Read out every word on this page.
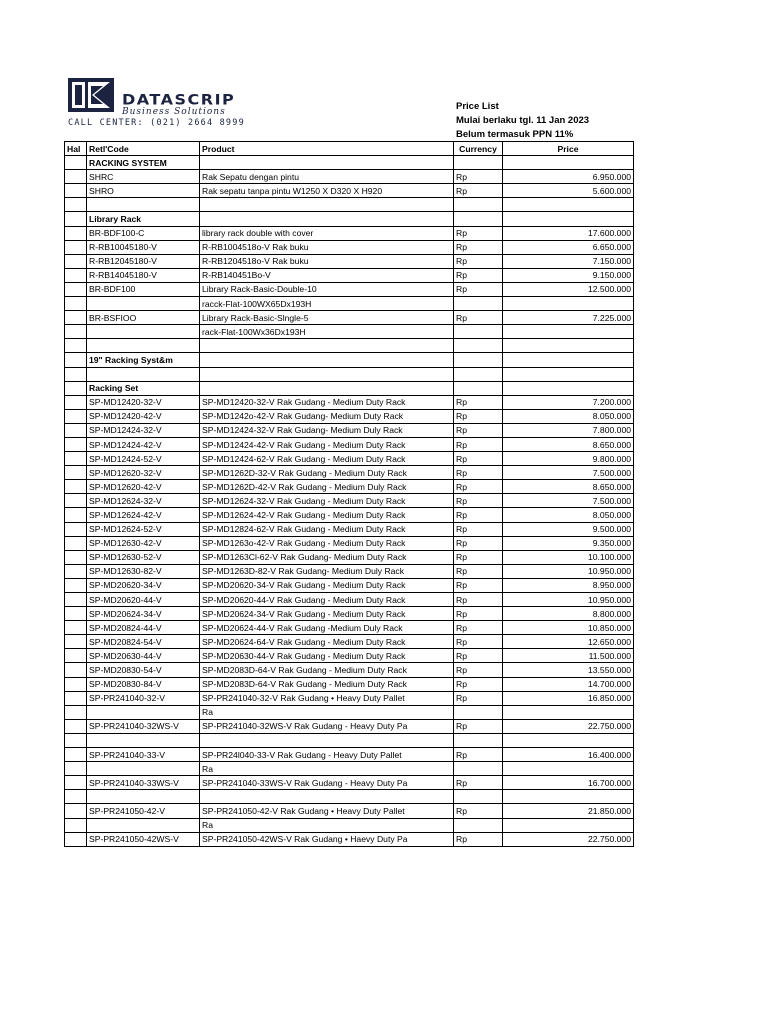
DATASCRIP
Business Solutions
CALL CENTER: (021) 2664 8999
Price List
Mulai berlaku tgl. 11 Jan 2023
Belum termasuk PPN 11%
Hal	Retl'Code	Product	Currency	Price
	RACKING SYSTEM			
	SHRC	Rak Sepatu dengan pintu	Rp	6.950.000
	SHRO	Rak sepatu tanpa pintu W1250 X D320 X H920	Rp	5.600.000

	Library Rack			
	BR-BDF100-C	library rack double with cover	Rp	17.600.000
	R-RB10045180-V	R-RB1004518o-V Rak buku	Rp	6.650.000
	R-RB12045180-V	R-RB1204518o-V Rak buku	Rp	7.150.000
	R-RB14045180-V	R-RB140451Bo-V	Rp	9.150.000
	BR-BDF100	Library Rack-Basic-Double-10	Rp	12.500.000
		racck-Flat-100WX65Dx193H		
	BR-BSFIOO	Library Rack-Basic-Slngle-5	Rp	7.225.000
		rack-Flat-100Wx36Dx193H		

	19" Racking Syst&m			

	Racking Set			
	SP-MD12420-32-V	SP-MD12420-32-V Rak Gudang - Medium Duty Rack	Rp	7.200.000
	SP-MD12420-42-V	SP-MD1242o-42-V Rak Gudang- Medium Duty Rack	Rp	8.050.000
	SP-MD12424-32-V	SP-MD12424-32-V Rak Gudang- Medium Duly Rack	Rp	7.800.000
	SP-MD12424-42-V	SP-MD12424-42-V Rak Gudang - Medium Duty Rack	Rp	8.650.000
	SP-MD12424-52-V	SP-MD12424-62-V Rak Gudang - Medium Duty Rack	Rp	9.800.000
	SP-MD12620-32-V	SP-MD1262D-32-V Rak Gudang - Medium Duty Rack	Rp	7.500.000
	SP-MD12620-42-V	SP-MD1262D-42-V Rak Gudang - Medium Duly Rack	Rp	8.650.000
	SP-MD12624-32-V	SP-MD12624-32-V Rak Gudang - Medium Duty Rack	Rp	7.500.000
	SP-MD12624-42-V	SP-MD12624-42-V Rak Gudang - Medium Duty Rack	Rp	8.050.000
	SP-MD12624-52-V	SP-MD12824-62-V Rak Gudang - Medium Duty Rack	Rp	9.500.000
	SP-MD12630-42-V	SP-MD1263o-42-V Rak Gudang - Medium Duty Rack	Rp	9.350.000
	SP-MD12630-52-V	SP-MD1263Cl-62-V Rak Gudang- Medium Duty Rack	Rp	10.100.000
	SP-MD12630-82-V	SP-MD1263D-82-V Rak Gudang- Medium Duly Rack	Rp	10.950.000
	SP-MD20620-34-V	SP-MD20620-34-V Rak Gudang - Medium Duty Rack	Rp	8.950.000
	SP-MD20620-44-V	SP-MD20620-44-V Rak Gudang - Medium Duty Rack	Rp	10.950.000
	SP-MD20624-34-V	SP-MD20624-34-V Rak Gudang - Medium Duty Rack	Rp	8.800.000
	SP-MD20824-44-V	SP-MD20624-44-V Rak Gudang -Medium Duly Rack	Rp	10.850.000
	SP-MD20824-54-V	SP-MD20624-64-V Rak Gudang - Medium Duty Rack	Rp	12.650.000
	SP-MD20630-44-V	SP-MD20630-44-V Rak Gudang - Medium Duty Rack	Rp	11.500.000
	SP-MD20830-54-V	SP-MD2083D-64-V Rak Gudang - Medium Duty Rack	Rp	13.550.000
	SP-MD20830-84-V	SP-MD2083D-64-V Rak Gudang - Medium Duty Rack	Rp	14.700.000
	SP-PR241040-32-V	SP-PR241040-32-V Rak Gudang • Heavy Duty Pallet	Rp	16.850.000
		Ra		
	SP-PR241040-32WS-V	SP-PR241040-32WS-V Rak Gudang - Heavy Duty Pa	Rp	22.750.000

	SP-PR241040-33-V	SP-PR24l040-33-V Rak Gudang - Heavy Duty Pallet	Rp	16.400.000
		Ra		
	SP-PR241040-33WS-V	SP-PR241040-33WS-V Rak Gudang - Heavy Duty Pa	Rp	16.700.000

	SP-PR241050-42-V	SP-PR241050-42-V Rak Gudang • Heavy Duty Pallet	Rp	21.850.000
		Ra		
	SP-PR241050-42WS-V	SP-PR241050-42WS-V Rak Gudang • Haevy Duty Pa	Rp	22.750.000
